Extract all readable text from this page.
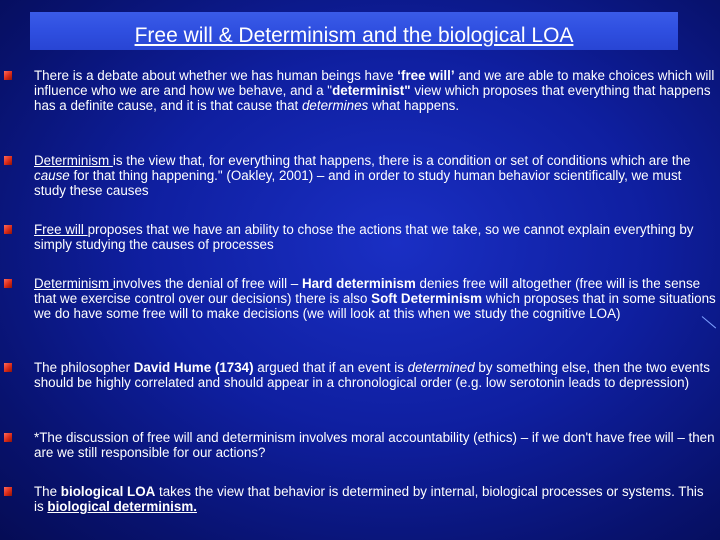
Free will & Determinism and the biological LOA
There is a debate about whether we has human beings have ‘free will’ and we are able to make choices which will influence who we are and how we behave, and a "determinist" view which proposes that everything that happens has a definite cause, and it is that cause that determines what happens.
Determinism is the view that, for everything that happens, there is a condition or set of conditions which are the cause for that thing happening." (Oakley, 2001) – and in order to study human behavior scientifically, we must study these causes
Free will proposes that we have an ability to chose the actions that we take, so we cannot explain everything by simply studying the causes of processes
Determinism involves the denial of free will – Hard determinism denies free will altogether (free will is the sense that we exercise control over our decisions) there is also Soft Determinism which proposes that in some situations we do have some free will to make decisions (we will look at this when we study the cognitive LOA)
The philosopher David Hume (1734) argued that if an event is determined by something else, then the two events should be highly correlated and should appear in a chronological order (e.g. low serotonin leads to depression)
*The discussion of free will and determinism involves moral accountability (ethics) – if we don't have free will – then are we still responsible for our actions?
The biological LOA takes the view that behavior is determined by internal, biological processes or systems. This is biological determinism.
